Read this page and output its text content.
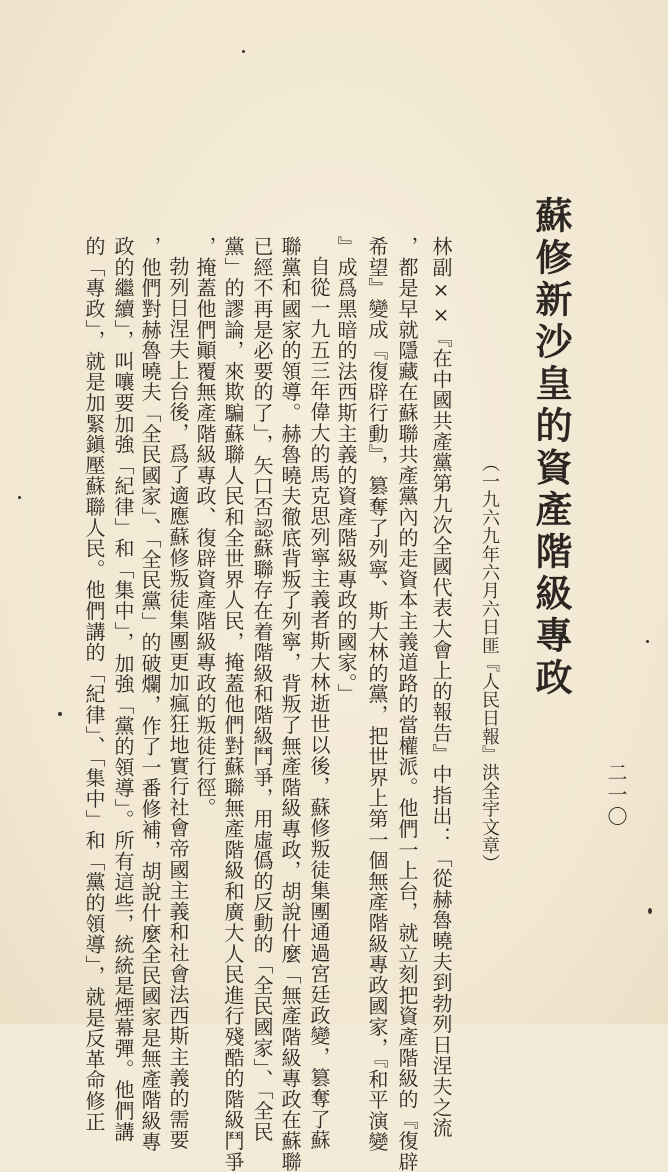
蘇修新沙皇的資產階級專政
（一九六九年六月六日匪『人民日報』洪全宇文章）	二一〇
林副××『在中國共產黨第九次全國代表大會上的報告』中指出：「從赫魯曉夫到勃列日涅夫之流
，都是早就隱藏在蘇聯共產黨內的走資本主義道路的當權派。他們一上台，就立刻把資產階級的『復辟
希望』變成『復辟行動』，篡奪了列寧、斯大林的黨，把世界上第一個無產階級專政國家，『和平演變
』成爲黑暗的法西斯主義的資產階級專政的國家。」
自從一九五三年偉大的馬克思列寧主義者斯大林逝世以後，蘇修叛徒集團通過宮廷政變，篡奪了蘇
聯黨和國家的領導。赫魯曉夫徹底背叛了列寧，背叛了無產階級專政，胡說什麼「無產階級專政在蘇聯
已經不再是必要的了」，矢口否認蘇聯存在着階級和階級鬥爭，用虛僞的反動的「全民國家」、「全民
黨」的謬論，來欺騙蘇聯人民和全世界人民，掩蓋他們對蘇聯無產階級和廣大人民進行殘酷的階級鬥爭
，掩蓋他們顚覆無產階級專政、復辟資產階級專政的叛徒行徑。
勃列日涅夫上台後，爲了適應蘇修叛徒集團更加瘋狂地實行社會帝國主義和社會法西斯主義的需要
，他們對赫魯曉夫「全民國家」、「全民黨」的破爛，作了一番修補，胡說什麼全民國家是無產階級專
政的繼續」，叫嚷要加強「紀律」和「集中」，加強「黨的領導」。所有這些，統統是煙幕彈。他們講
的「專政」，就是加緊鎭壓蘇聯人民。他們講的「紀律」、「集中」和「黨的領導」，就是反革命修正
